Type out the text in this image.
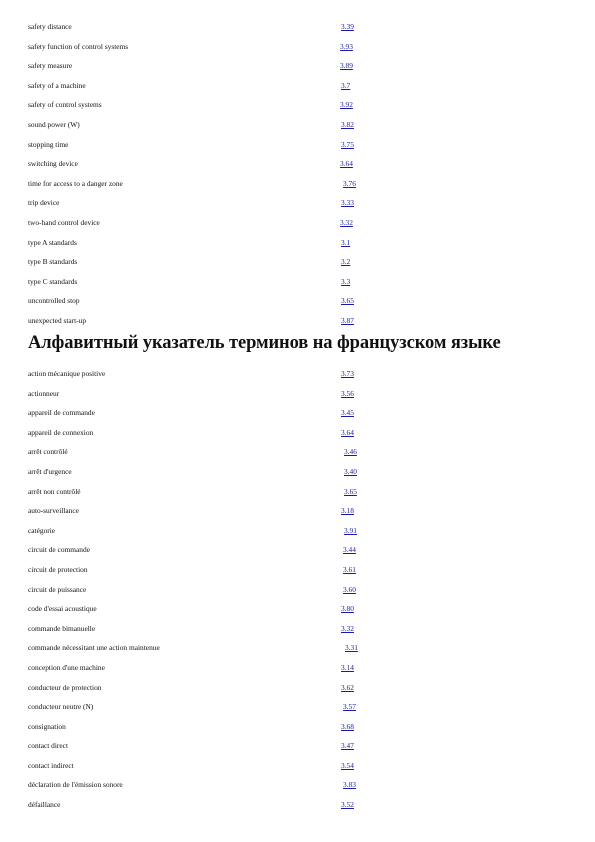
safety distance	3.39
safety function of control systems	3.93
safety measure	3.89
safety of a machine	3.7
safety of control systems	3.92
sound power (W)	3.82
stopping time	3.75
switching device	3.64
time for access to a danger zone	3.76
trip device	3.33
two-hand control device	3.32
type A standards	3.1
type B standards	3.2
type C standards	3.3
uncontrolled stop	3.65
unexpected start-up	3.87
Алфавитный указатель терминов на французском языке
action mécanique positive	3.73
actionneur	3.56
appareil de commande	3.45
appareil de connexion	3.64
arrêt contrôlé	3.46
arrêt d'urgence	3.40
arrêt non contrôlé	3.65
auto-surveillance	3.18
catégorie	3.91
circuit de commande	3.44
circuit de protection	3.61
circuit de puissance	3.60
code d'essai acoustique	3.80
commande bimanuelle	3.32
commande nécessitant une action maintenue	3.31
conception d'une machine	3.14
conducteur de protection	3.62
conducteur neutre (N)	3.57
consignation	3.68
contact direct	3.47
contact indirect	3.54
déclaration de l'émission sonore	3.83
défaillance	3.52
